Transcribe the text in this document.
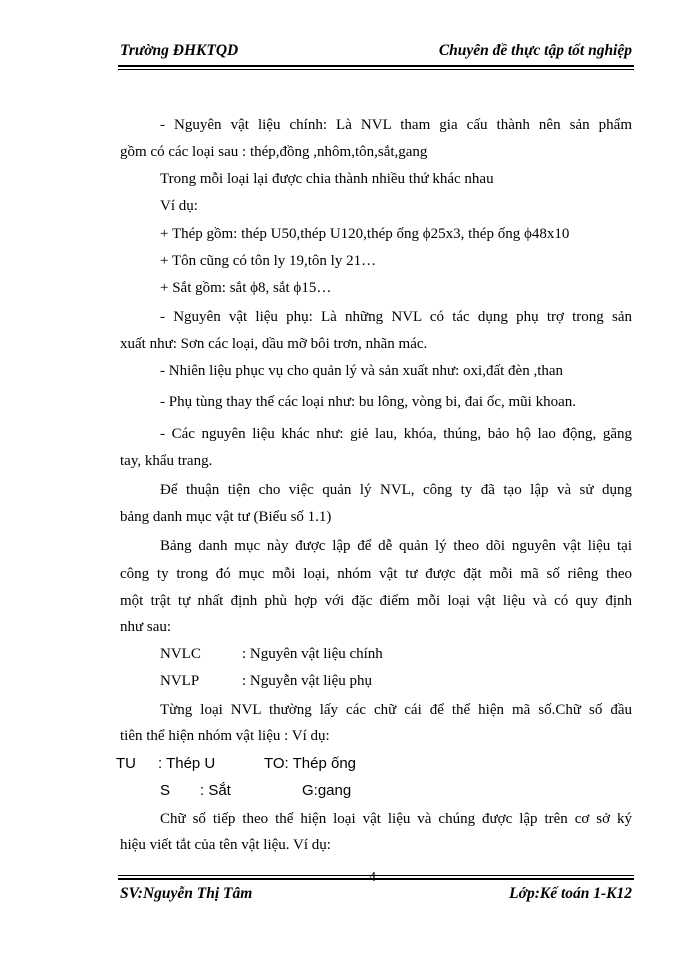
Trường ĐHKTQD	Chuyên đề thực tập tốt nghiệp
- Nguyên vật liệu chính: Là NVL tham gia cấu thành nên sản phẩm
gồm có các loại sau : thép,đồng ,nhôm,tôn,sắt,gang
Trong mỗi loại lại được chia thành nhiều thứ khác nhau
Ví dụ:
+ Thép gồm: thép U50,thép U120,thép ống ϕ25x3, thép ống ϕ48x10
+ Tôn cũng có tôn ly 19,tôn ly 21…
+ Sắt gồm: sắt ϕ8, sắt ϕ15…
- Nguyên vật liệu phụ: Là những NVL có tác dụng phụ trợ trong sản
xuất như: Sơn các loại, dầu mỡ bôi trơn, nhãn mác.
- Nhiên liệu phục vụ cho quản lý và sản xuất như: oxi,đất đèn ,than
- Phụ tùng thay thế các loại như: bu lông, vòng bi, đai ốc, mũi khoan.
- Các nguyên liệu khác như: giẻ lau, khóa, thúng, bảo hộ lao động, găng
tay, khẩu trang.
Để thuận tiện cho việc quản lý NVL, công ty đã tạo lập và sử dụng
bảng danh mục vật tư (Biểu số 1.1)
Bảng danh mục này được lập để dễ quản lý theo dõi nguyên vật liệu tại
công ty trong đó mục mỗi loại, nhóm vật tư được đặt mỗi mã số riêng theo
một trật tự nhất định phù hợp với đặc điểm mỗi loại vật liệu và có quy định
như sau:
NVLC	: Nguyên vật liệu chính
NVLP	: Nguyễn vật liệu phụ
Từng loại NVL thường lấy các chữ cái để thể hiện mã số.Chữ số đầu
tiên thể hiện nhóm vật liệu : Ví dụ:
TU : Thép U	TO: Thép ống
S : Sắt	G:gang
Chữ số tiếp theo thể hiện loại vật liệu và chúng được lập trên cơ sở ký
hiệu viết tắt của tên vật liệu. Ví dụ:
4
SV:Nguyễn Thị Tâm	Lớp:Kế toán 1-K12
